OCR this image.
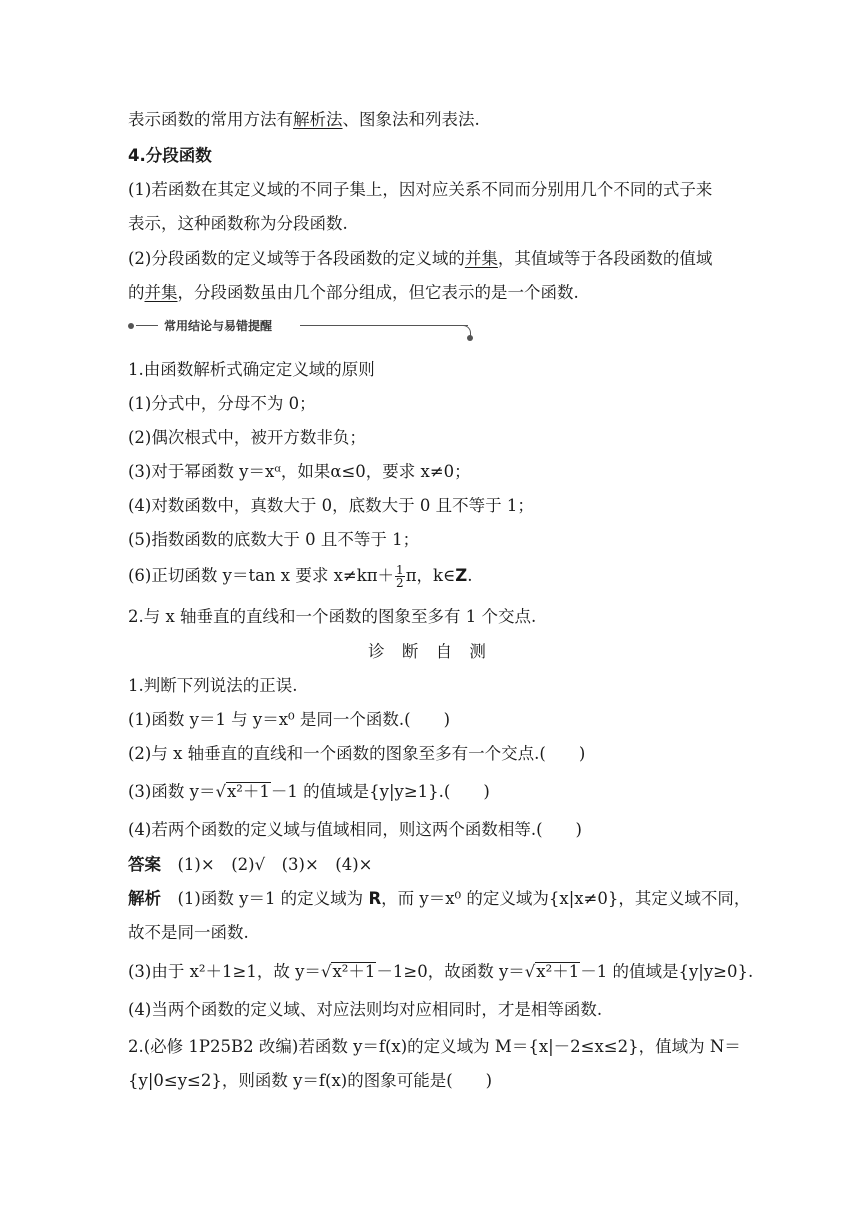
表示函数的常用方法有解析法、图象法和列表法.
4.分段函数
(1)若函数在其定义域的不同子集上，因对应关系不同而分别用几个不同的式子来
表示，这种函数称为分段函数.
(2)分段函数的定义域等于各段函数的定义域的并集，其值域等于各段函数的值域
的并集，分段函数虽由几个部分组成，但它表示的是一个函数.
常用结论与易错提醒
1.由函数解析式确定定义域的原则
(1)分式中，分母不为 0；
(2)偶次根式中，被开方数非负；
(3)对于幂函数 y＝xᵅ，如果α≤0，要求 x≠0；
(4)对数函数中，真数大于 0，底数大于 0 且不等于 1；
(5)指数函数的底数大于 0 且不等于 1；
(6)正切函数 y＝tan x 要求 $x\ne k\pi+ \frac{1}{2}$ π，k∈Z.
2.与 x 轴垂直的直线和一个函数的图象至多有 1 个交点.
诊 断 自 测
1.判断下列说法的正误.
(1)函数 y＝1 与 y＝x⁰ 是同一个函数.(　　)
(2)与 x 轴垂直的直线和一个函数的图象至多有一个交点.(　　)
(3)函数 y＝√x²＋1－1 的值域是{y|y≥1}.(　　)
(4)若两个函数的定义域与值域相同，则这两个函数相等.(　　)
答案　 (1)×　(2)√　(3)×　(4)×
解析　 (1)函数 y＝1 的定义域为 R，而 y＝x⁰ 的定义域为{x|x≠0}，其定义域不同，
故不是同一函数.
(3)由于 x²＋1≥1，故 y＝√x²＋1－1≥0，故函数 y＝√x²＋1－1 的值域是{y|y≥0}.
(4)当两个函数的定义域、对应法则均对应相同时，才是相等函数.
2.(必修 1P25B2 改编)若函数 y＝f(x)的定义域为 M＝{x|－2≤x≤2}，值域为 N＝
{y|0≤y≤2}，则函数 y＝f(x)的图象可能是(　　)
